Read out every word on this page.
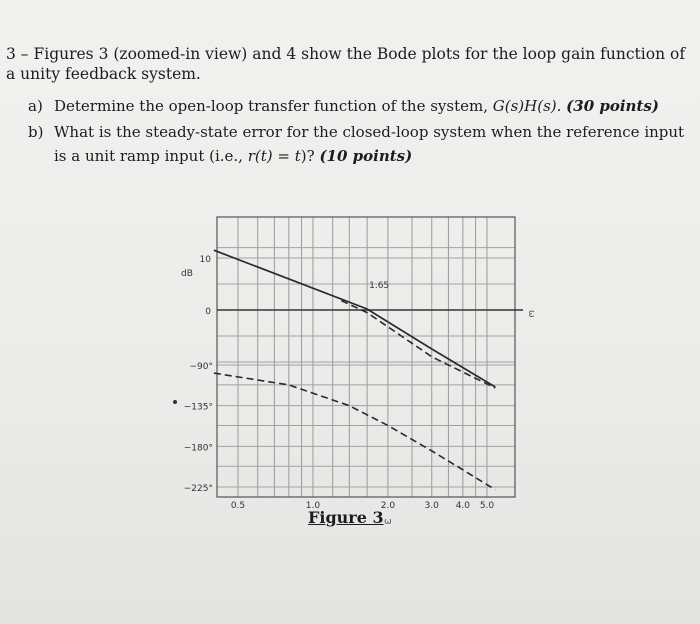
3 – Figures 3 (zoomed-in view) and 4 show the Bode plots for the loop gain function of a unity feedback system.
a) Determine the open-loop transfer function of the system, G(s)H(s). (30 points)
b) What is the steady-state error for the closed-loop system when the reference input
is a unit ramp input (i.e., r(t) = t)? (10 points)
10
0
dB
−90°
−135°
−180°
−225°
0.5	1.0	2.0	3.0 4.0 5.0
ω
ω
1.65
Figure 3
